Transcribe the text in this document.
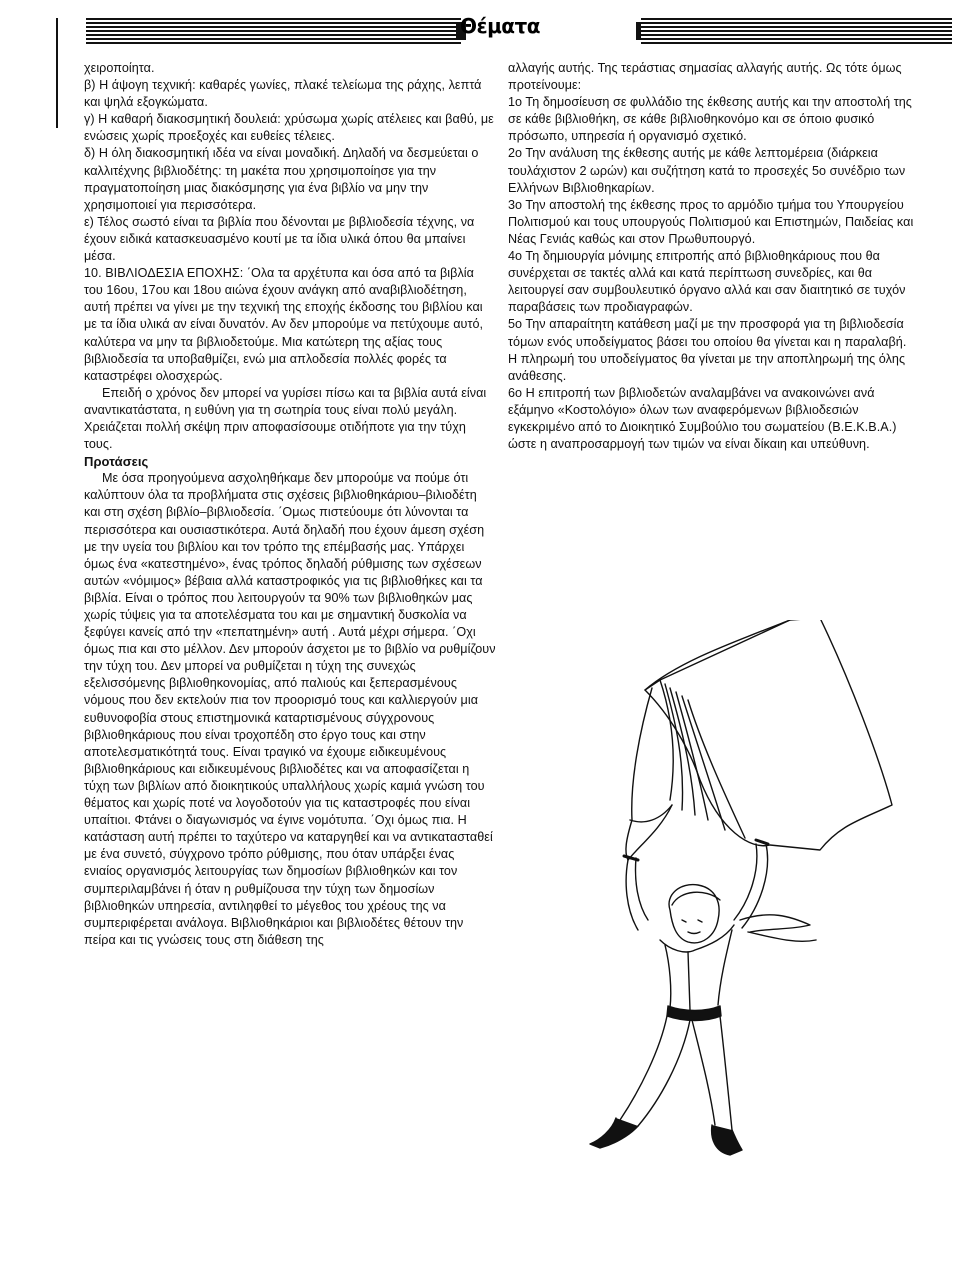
Θέματα

χειροποίητα.

β) Η άψογη τεχνική: καθαρές γωνίες, πλακέ τελείωμα της ράχης, λεπτά και ψηλά εξογκώματα.

γ) Η καθαρή διακοσμητική δουλειά: χρύσωμα χωρίς ατέλειες και βαθύ, με ενώσεις χωρίς προεξοχές και ευθείες τέλειες.

δ) Η όλη διακοσμητική ιδέα να είναι μοναδική. Δηλαδή να δεσμεύεται ο καλλιτέχνης βιβλιοδέτης: τη μακέτα που χρησιμοποίησε για την πραγματοποίηση μιας διακόσμησης για ένα βιβλίο να μην την χρησιμοποιεί για περισσότερα.

ε) Τέλος σωστό είναι τα βιβλία που δένονται με βιβλιοδεσία τέχνης, να έχουν ειδικά κατασκευασμένο κουτί με τα ίδια υλικά όπου θα μπαίνει μέσα.

10. ΒΙΒΛΙΟΔΕΣΙΑ ΕΠΟΧΗΣ: ΄Ολα τα αρχέτυπα και όσα από τα βιβλία του 16ου, 17ου και 18ου αιώνα έχουν ανάγκη από αναβιβλιοδέτηση, αυτή πρέπει να γίνει με την τεχνική της εποχής έκδοσης του βιβλίου και με τα ίδια υλικά αν είναι δυνατόν. Αν δεν μπορούμε να πετύχουμε αυτό, καλύτερα να μην τα βιβλιοδετούμε. Μια κατώτερη της αξίας τους βιβλιοδεσία τα υποβαθμίζει, ενώ μια απλοδεσία πολλές φορές τα καταστρέφει ολοσχερώς.

Επειδή ο χρόνος δεν μπορεί να γυρίσει πίσω και τα βιβλία αυτά είναι αναντικατάστατα, η ευθύνη για τη σωτηρία τους είναι πολύ μεγάλη. Χρειάζεται πολλή σκέψη πριν αποφασίσουμε οτιδήποτε για την τύχη τους.

Προτάσεις

Με όσα προηγούμενα ασχοληθήκαμε δεν μπορούμε να πούμε ότι καλύπτουν όλα τα προβλήματα στις σχέσεις βιβλιοθηκάριου–βιλιοδέτη και στη σχέση βιβλίο–βιβλιοδεσία. ΄Ομως πιστεύουμε ότι λύνονται τα περισσότερα και ουσιαστικότερα. Αυτά δηλαδή που έχουν άμεση σχέση με την υγεία του βιβλίου και τον τρόπο της επέμβασής μας. Υπάρχει όμως ένα «κατεστημένο», ένας τρόπος δηλαδή ρύθμισης των σχέσεων αυτών «νόμιμος» βέβαια αλλά καταστροφικός για τις βιβλιοθήκες και τα βιβλία. Είναι ο τρόπος που λειτουργούν τα 90% των βιβλιοθηκών μας χωρίς τύψεις για τα αποτελέσματα του και με σημαντική δυσκολία να ξεφύγει κανείς από την «πεπατημένη» αυτή . Αυτά μέχρι σήμερα. ΄Οχι όμως πια και στο μέλλον. Δεν μπορούν άσχετοι με το βιβλίο να ρυθμίζουν την τύχη του. Δεν μπορεί να ρυθμίζεται η τύχη της συνεχώς εξελισσόμενης βιβλιοθηκονομίας, από παλιούς και ξεπερασμένους νόμους που δεν εκτελούν πια τον προορισμό τους και καλλιεργούν μια ευθυνοφοβία στους επιστημονικά καταρτισμένους σύγχρονους βιβλιοθηκάριους που είναι τροχοπέδη στο έργο τους και στην αποτελεσματικότητά τους. Είναι τραγικό να έχουμε ειδικευμένους βιβλιοθηκάριους και ειδικευμένους βιβλιοδέτες και να αποφασίζεται η τύχη των βιβλίων από διοικητικούς υπαλλήλους χωρίς καμιά γνώση του θέματος και χωρίς ποτέ να λογοδοτούν για τις καταστροφές που είναι υπαίτιοι. Φτάνει ο διαγωνισμός να έγινε νομότυπα. ΄Οχι όμως πια. Η κατάσταση αυτή πρέπει το ταχύτερο να καταργηθεί και να αντικατασταθεί με ένα συνετό, σύγχρονο τρόπο ρύθμισης, που όταν υπάρξει ένας ενιαίος οργανισμός λειτουργίας των δημοσίων βιβλιοθηκών και τον συμπεριλαμβάνει ή όταν η ρυθμίζουσα την τύχη των δημοσίων βιβλιοθηκών υπηρεσία, αντιληφθεί το μέγεθος του χρέους της να συμπεριφέρεται ανάλογα. Βιβλιοθηκάριοι και βιβλιοδέτες θέτουν την πείρα και τις γνώσεις τους στη διάθεση της

αλλαγής αυτής. Της τεράστιας σημασίας αλλαγής αυτής. Ως τότε όμως προτείνουμε:

1ο Τη δημοσίευση σε φυλλάδιο της έκθεσης αυτής και την αποστολή της σε κάθε βιβλιοθήκη, σε κάθε βιβλιοθηκονόμο και σε όποιο φυσικό πρόσωπο, υπηρεσία ή οργανισμό σχετικό.

2ο Την ανάλυση της έκθεσης αυτής με κάθε λεπτομέρεια (διάρκεια τουλάχιστον 2 ωρών) και συζήτηση κατά το προσεχές 5ο συνέδριο των Ελλήνων Βιβλιοθηκαρίων.

3ο Την αποστολή της έκθεσης προς το αρμόδιο τμήμα του Υπουργείου Πολιτισμού και τους υπουργούς Πολιτισμού και Επιστημών, Παιδείας και Νέας Γενιάς καθώς και στον Πρωθυπουργό.

4ο Τη δημιουργία μόνιμης επιτροπής από βιβλιοθηκάριους που θα συνέρχεται σε τακτές αλλά και κατά περίπτωση συνεδρίες, και θα λειτουργεί σαν συμβουλευτικό όργανο αλλά και σαν διαιτητικό σε τυχόν παραβάσεις των προδιαγραφών.

5ο Την απαραίτητη κατάθεση μαζί με την προσφορά για τη βιβλιοδεσία τόμων ενός υποδείγματος βάσει του οποίου θα γίνεται και η παραλαβή. Η πληρωμή του υποδείγματος θα γίνεται με την αποπληρωμή της όλης ανάθεσης.

6ο Η επιτροπή των βιβλιοδετών αναλαμβάνει να ανακοινώνει ανά εξάμηνο «Κοστολόγιο» όλων των αναφερόμενων βιβλιοδεσιών εγκεκριμένο από το Διοικητικό Συμβούλιο του σωματείου (Β.Ε.Κ.Β.Α.) ώστε η αναπροσαρμογή των τιμών να είναι δίκαιη και υπεύθυνη.
